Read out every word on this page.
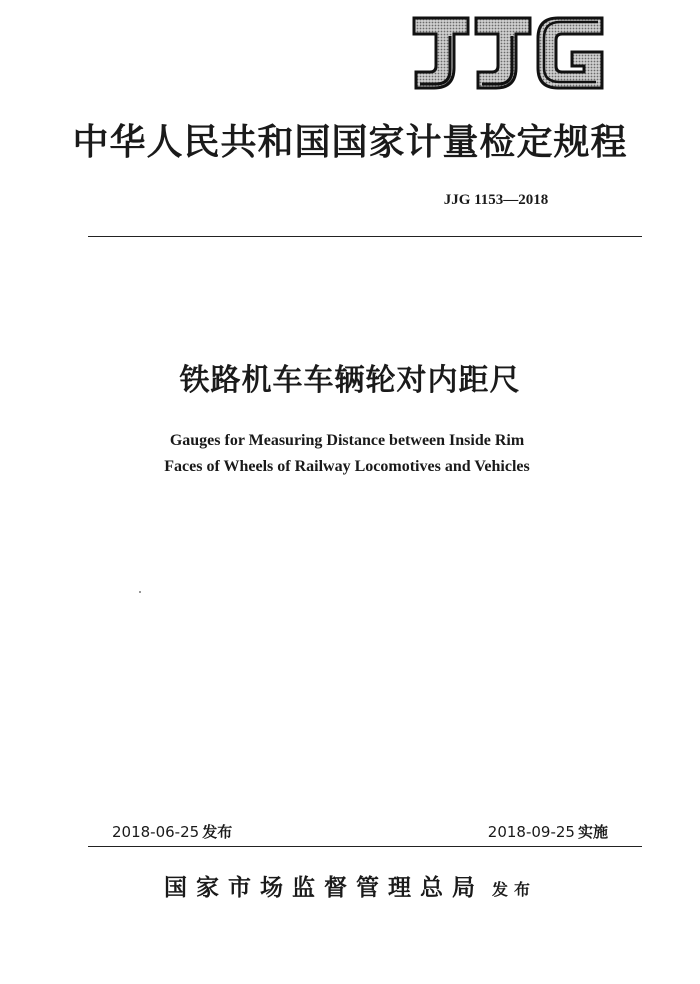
中华人民共和国国家计量检定规程
JJG 1153—2018
铁路机车车辆轮对内距尺
Gauges for Measuring Distance between Inside Rim
Faces of Wheels of Railway Locomotives and Vehicles
2018-06-25 发布	2018-09-25 实施
国家市场监督管理总局 发布
